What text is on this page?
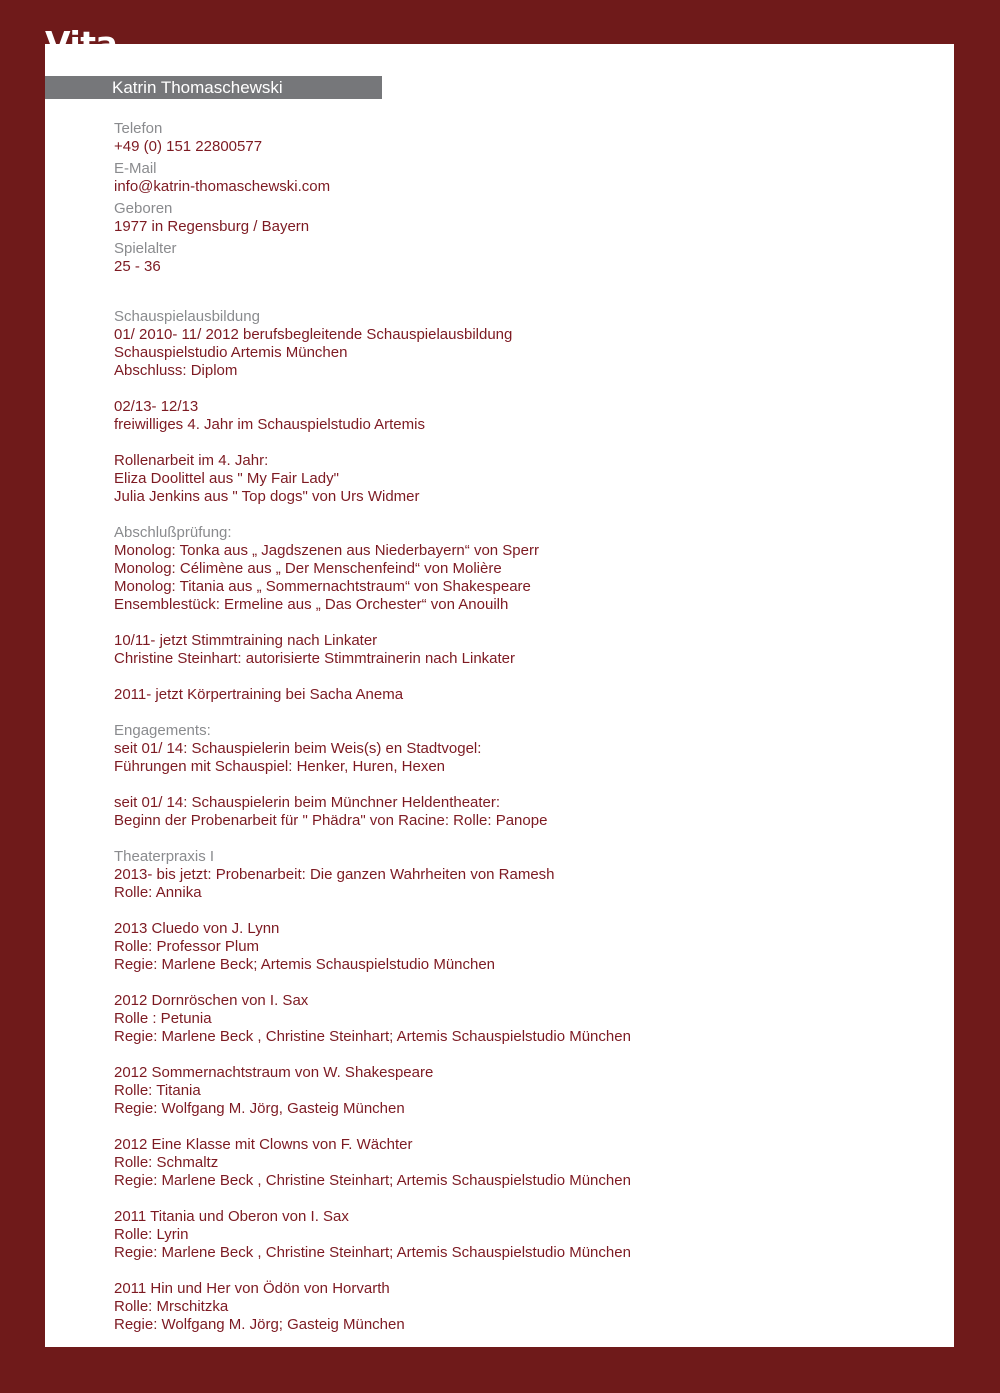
Katrin Thomaschewski
Telefon
+49 (0) 151 22800577
E-Mail
info@katrin-thomaschewski.com
Geboren
1977 in Regensburg / Bayern
Spielalter
25 - 36
Schauspielausbildung
01/ 2010- 11/ 2012 berufsbegleitende Schauspielausbildung
Schauspielstudio Artemis München
Abschluss: Diplom
02/13- 12/13
freiwilliges 4. Jahr im Schauspielstudio Artemis
Rollenarbeit im 4. Jahr:
Eliza Doolittel aus " My Fair Lady"
Julia Jenkins aus " Top dogs" von Urs Widmer
Abschlußprüfung:
Monolog: Tonka aus „ Jagdszenen aus Niederbayern“ von Sperr
Monolog: Célimène aus „ Der Menschenfeind“ von Molière
Monolog: Titania aus „ Sommernachtstraum“ von Shakespeare
Ensemblestück: Ermeline aus „ Das Orchester“ von Anouilh
10/11- jetzt Stimmtraining nach Linkater
Christine Steinhart: autorisierte Stimmtrainerin nach Linkater
2011- jetzt Körpertraining bei Sacha Anema
Engagements:
seit 01/ 14: Schauspielerin beim Weis(s) en Stadtvogel:
Führungen mit Schauspiel: Henker, Huren, Hexen
seit 01/ 14: Schauspielerin beim Münchner Heldentheater:
Beginn der Probenarbeit für " Phädra" von Racine: Rolle: Panope
Theaterpraxis I
2013- bis jetzt: Probenarbeit: Die ganzen Wahrheiten von Ramesh
Rolle: Annika
2013 Cluedo von J. Lynn
Rolle: Professor Plum
Regie: Marlene Beck; Artemis Schauspielstudio München
2012 Dornröschen von I. Sax
Rolle : Petunia
Regie: Marlene Beck , Christine Steinhart; Artemis Schauspielstudio München
2012 Sommernachtstraum von W. Shakespeare
Rolle: Titania
Regie: Wolfgang M. Jörg, Gasteig München
2012 Eine Klasse mit Clowns von F. Wächter
Rolle: Schmaltz
Regie: Marlene Beck , Christine Steinhart; Artemis Schauspielstudio München
2011 Titania und Oberon von I. Sax
Rolle: Lyrin
Regie: Marlene Beck , Christine Steinhart; Artemis Schauspielstudio München
2011 Hin und Her von Ödön von Horvarth
Rolle: Mrschitzka
Regie: Wolfgang M. Jörg; Gasteig München
